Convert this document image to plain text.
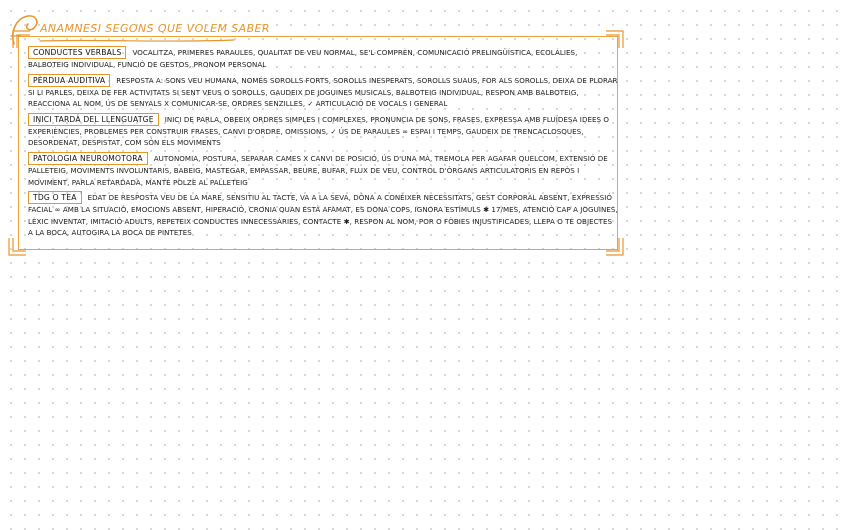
ANAMNESI SEGONS QUE VOLEM SABER
CONDUCTES VERBALS VOCALITZA, PRIMERES PARAULES, QUALITAT DE VEU NORMAL, SE'L COMPRÈN, COMUNICACIÓ PRELINGÜÍSTICA, ECOLÀLIES, BALBOTEIG INDIVIDUAL, FUNCIÓ DE GESTOS, PRONOM PERSONAL
PÈRDUA AUDITIVA RESPOSTA A: SONS VEU HUMANA, NOMÉS SOROLLS FORTS, SOROLLS INESPERATS, SOROLLS SUAUS, FOR ALS SOROLLS, DEIXA DE PLORAR SI LI PARLES, DEIXA DE FER ACTIVITATS SI SENT VEUS O SOROLLS, GAUDEIX DE JOGUINES MUSICALS, BALBOTEIG INDIVIDUAL, RESPON AMB BALBOTEIG, REACCIONA AL NOM, ÚS DE SENYALS X COMUNICAR-SE, ORDRES SENZILLES, ✓ ARTICULACIÓ DE VOCALS I GENERAL
INICI TARDÀ DEL LLENGUATGE INICI DE PARLA, OBEEIX ORDRES SIMPLES I COMPLEXES, PRONUNCIA DE SONS, FRASES, EXPRESSA AMB FLUÏDESA IDEES O EXPERIÈNCIES, PROBLEMES PER CONSTRUIR FRASES, CANVI D'ORDRE, OMISSIONS, ✓ ÚS DE PARAULES ∞ ESPAI I TEMPS, GAUDEIX DE TRENCACLOSQUES, DESORDENAT, DESPISTAT, COM SÓN ELS MOVIMENTS
PATOLOGIA NEUROMOTORA AUTONOMIA, POSTURA, SEPARAR CAMES X CANVI DE POSICIÓ, ÚS D'UNA MÀ, TREMOLA PER AGAFAR QUELCOM, EXTENSIÓ DE PALLETEIG, MOVIMENTS INVOLUNTARIS, BABEIG, MASTEGAR, EMPASSAR, BEURE, BUFAR, FLUX DE VEU, CONTROL D'ÒRGANS ARTICULATORIS EN REPÒS I MOVIMENT, PARLA RETARDADA, MANTÉ POLZE AL PALLETEIG
TDG O TEA EDAT DE RESPOSTA VEU DE LA MARE, SENSITIU AL TACTE, VA A LA SEVA, DÓNA A CONÈIXER NECESSITATS, GEST CORPORAL ABSENT, EXPRESSIÓ FACIAL ∞ AMB LA SITUACIÓ, EMOCIONS ABSENT, HIPERACIÓ, CRONIA QUAN ESTÀ AFAMAT, ES DONA COPS, IGNORA ESTÍMULS ✱ 17/MES, ATENCIÓ CAP A JOGUINES, LÈXIC INVENTAT, IMITACIÓ ADULTS, REPETEIX CONDUCTES INNECESSÀRIES, CONTACTE ✱, RESPON AL NOM, POR O FÒBIES INJUSTIFICADES, LLEPA O TÉ OBJECTES A LA BOCA, AUTOGIRA LA BOCA DE PINTETES
